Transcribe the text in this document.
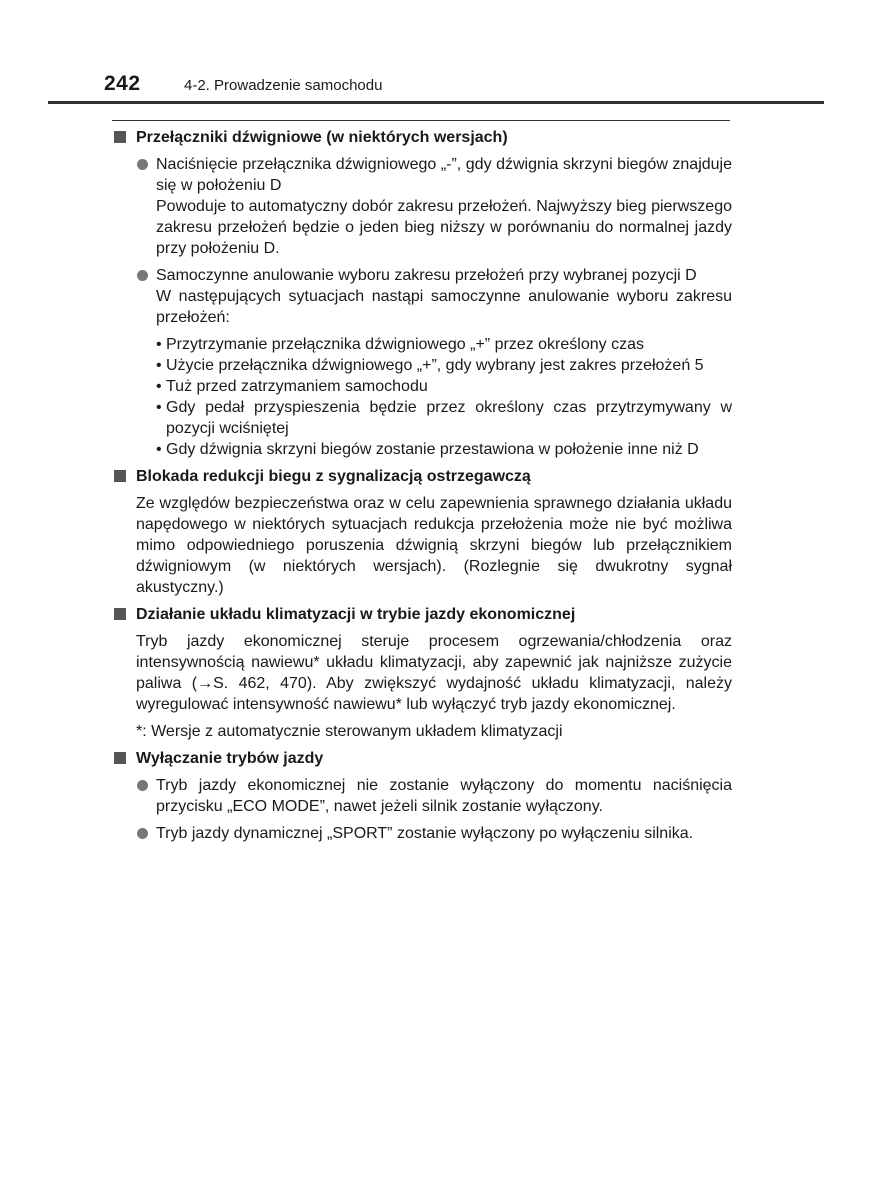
242	4-2. Prowadzenie samochodu
Przełączniki dźwigniowe (w niektórych wersjach)
Naciśnięcie przełącznika dźwigniowego „-”, gdy dźwignia skrzyni biegów znajduje się w położeniu D
Powoduje to automatyczny dobór zakresu przełożeń. Najwyższy bieg pierwszego zakresu przełożeń będzie o jeden bieg niższy w porównaniu do normalnej jazdy przy położeniu D.
Samoczynne anulowanie wyboru zakresu przełożeń przy wybranej pozycji D
W następujących sytuacjach nastąpi samoczynne anulowanie wyboru zakresu przełożeń:
• Przytrzymanie przełącznika dźwigniowego „+” przez określony czas
• Użycie przełącznika dźwigniowego „+”, gdy wybrany jest zakres przełożeń 5
• Tuż przed zatrzymaniem samochodu
• Gdy pedał przyspieszenia będzie przez określony czas przytrzymywany w pozycji wciśniętej
• Gdy dźwignia skrzyni biegów zostanie przestawiona w położenie inne niż D
Blokada redukcji biegu z sygnalizacją ostrzegawczą
Ze względów bezpieczeństwa oraz w celu zapewnienia sprawnego działania układu napędowego w niektórych sytuacjach redukcja przełożenia może nie być możliwa mimo odpowiedniego poruszenia dźwignią skrzyni biegów lub przełącznikiem dźwigniowym (w niektórych wersjach). (Rozlegnie się dwukrotny sygnał akustyczny.)
Działanie układu klimatyzacji w trybie jazdy ekonomicznej
Tryb jazdy ekonomicznej steruje procesem ogrzewania/chłodzenia oraz intensywnością nawiewu* układu klimatyzacji, aby zapewnić jak najniższe zużycie paliwa (→S. 462, 470). Aby zwiększyć wydajność układu klimatyzacji, należy wyregulować intensywność nawiewu* lub wyłączyć tryb jazdy ekonomicznej.
*: Wersje z automatycznie sterowanym układem klimatyzacji
Wyłączanie trybów jazdy
Tryb jazdy ekonomicznej nie zostanie wyłączony do momentu naciśnięcia przycisku „ECO MODE”, nawet jeżeli silnik zostanie wyłączony.
Tryb jazdy dynamicznej „SPORT” zostanie wyłączony po wyłączeniu silnika.
